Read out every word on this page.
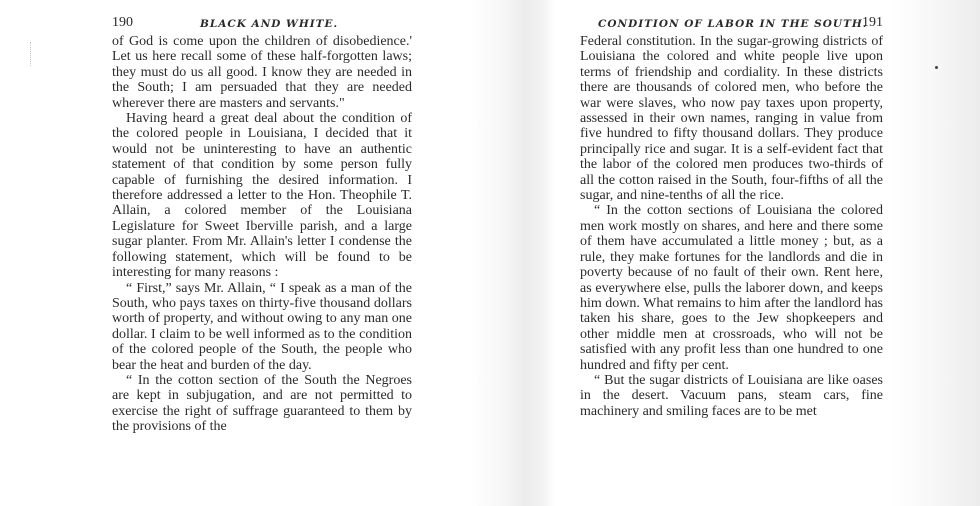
190	BLACK AND WHITE.

of God is come upon the children of disobedience.' Let us here recall some of these half-forgotten laws; they must do us all good. I know they are needed in the South; I am persuaded that they are needed wherever there are masters and servants."

Having heard a great deal about the condition of the colored people in Louisiana, I decided that it would not be uninteresting to have an authentic statement of that condition by some person fully capable of furnishing the desired information. I therefore addressed a letter to the Hon. Theophile T. Allain, a colored member of the Louisiana Legislature for Sweet Iberville parish, and a large sugar planter. From Mr. Allain's letter I condense the following statement, which will be found to be interesting for many reasons :

“ First,” says Mr. Allain, “ I speak as a man of the South, who pays taxes on thirty-five thousand dollars worth of property, and without owing to any man one dollar. I claim to be well informed as to the condition of the colored people of the South, the people who bear the heat and burden of the day.

“ In the cotton section of the South the Negroes are kept in subjugation, and are not permitted to exercise the right of suffrage guaranteed to them by the provisions of the

CONDITION OF LABOR IN THE SOUTH.
191

Federal constitution. In the sugar-growing districts of Louisiana the colored and white people live upon terms of friendship and cordiality. In these districts there are thousands of colored men, who before the war were slaves, who now pay taxes upon property, assessed in their own names, ranging in value from five hundred to fifty thousand dollars. They produce principally rice and sugar. It is a self-evident fact that the labor of the colored men produces two-thirds of all the cotton raised in the South, four-fifths of all the sugar, and nine-tenths of all the rice.

“ In the cotton sections of Louisiana the colored men work mostly on shares, and here and there some of them have accumulated a little money ; but, as a rule, they make fortunes for the landlords and die in poverty because of no fault of their own. Rent here, as everywhere else, pulls the laborer down, and keeps him down. What remains to him after the landlord has taken his share, goes to the Jew shopkeepers and other middle men at crossroads, who will not be satisfied with any profit less than one hundred to one hundred and fifty per cent.

“ But the sugar districts of Louisiana are like oases in the desert. Vacuum pans, steam cars, fine machinery and smiling faces are to be met
